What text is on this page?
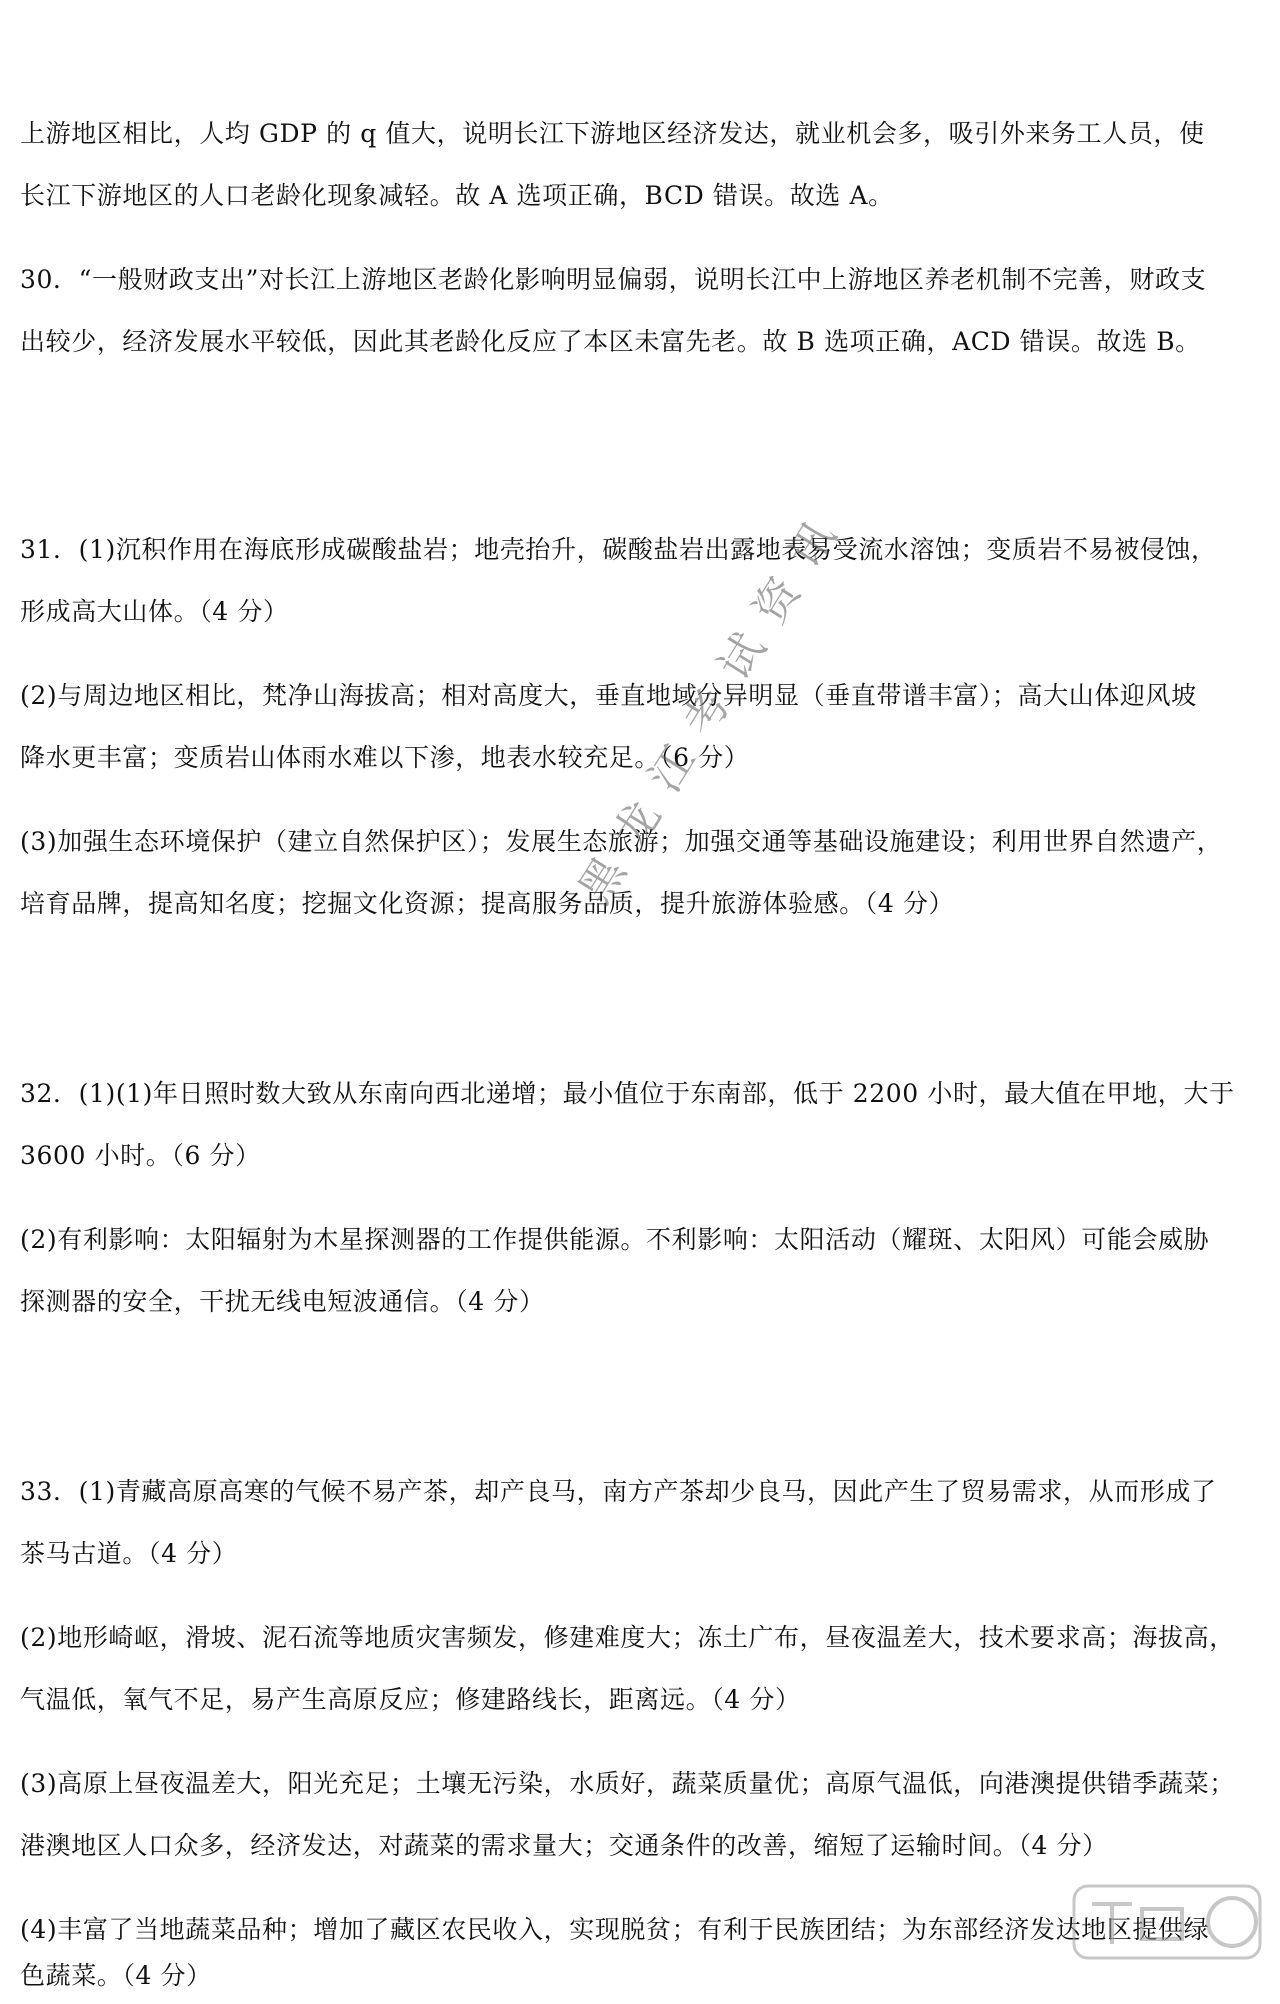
上游地区相比，人均 GDP 的 q 值大，说明长江下游地区经济发达，就业机会多，吸引外来务工人员，使
长江下游地区的人口老龄化现象减轻。故 A 选项正确，BCD 错误。故选 A。
30．“一般财政支出”对长江上游地区老龄化影响明显偏弱，说明长江中上游地区养老机制不完善，财政支
出较少，经济发展水平较低，因此其老龄化反应了本区未富先老。故 B 选项正确，ACD 错误。故选 B。
31．(1)沉积作用在海底形成碳酸盐岩；地壳抬升，碳酸盐岩出露地表易受流水溶蚀；变质岩不易被侵蚀，
形成高大山体。（4 分）
(2)与周边地区相比，梵净山海拔高；相对高度大，垂直地域分异明显（垂直带谱丰富）；高大山体迎风坡
降水更丰富；变质岩山体雨水难以下渗，地表水较充足。（6 分）
(3)加强生态环境保护（建立自然保护区）；发展生态旅游；加强交通等基础设施建设；利用世界自然遗产，
培育品牌，提高知名度；挖掘文化资源；提高服务品质，提升旅游体验感。（4 分）
32．(1)(1)年日照时数大致从东南向西北递增；最小值位于东南部，低于 2200 小时，最大值在甲地，大于
3600 小时。（6 分）
(2)有利影响：太阳辐射为木星探测器的工作提供能源。不利影响：太阳活动（耀斑、太阳风）可能会威胁
探测器的安全，干扰无线电短波通信。（4 分）
33．(1)青藏高原高寒的气候不易产茶，却产良马，南方产茶却少良马，因此产生了贸易需求，从而形成了
茶马古道。（4 分）
(2)地形崎岖，滑坡、泥石流等地质灾害频发，修建难度大；冻土广布，昼夜温差大，技术要求高；海拔高，
气温低，氧气不足，易产生高原反应；修建路线长，距离远。（4 分）
(3)高原上昼夜温差大，阳光充足；土壤无污染，水质好，蔬菜质量优；高原气温低，向港澳提供错季蔬菜；
港澳地区人口众多，经济发达，对蔬菜的需求量大；交通条件的改善，缩短了运输时间。（4 分）
(4)丰富了当地蔬菜品种；增加了藏区农民收入，实现脱贫；有利于民族团结；为东部经济发达地区提供绿
色蔬菜。（4 分）
黑龙江考试资讯
